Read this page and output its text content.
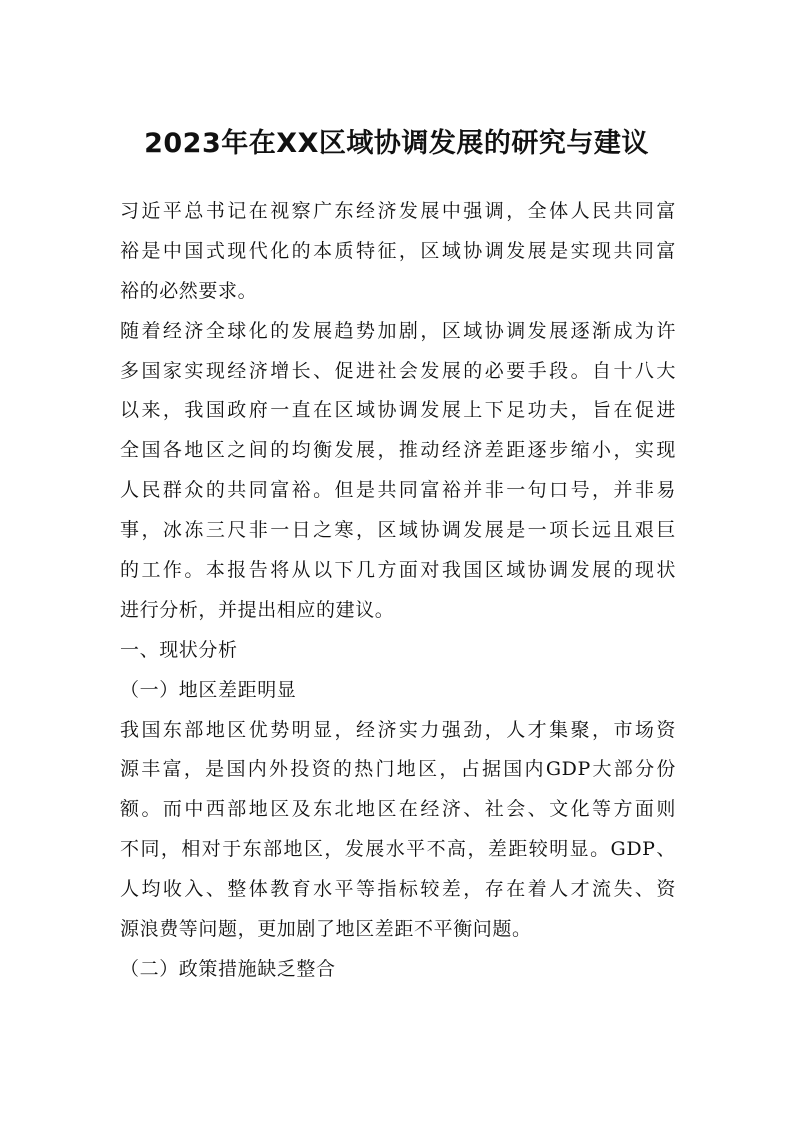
2023年在XX区域协调发展的研究与建议
习近平总书记在视察广东经济发展中强调，全体人民共同富
裕是中国式现代化的本质特征，区域协调发展是实现共同富
裕的必然要求。
随着经济全球化的发展趋势加剧，区域协调发展逐渐成为许
多国家实现经济增长、促进社会发展的必要手段。自十八大
以来，我国政府一直在区域协调发展上下足功夫，旨在促进
全国各地区之间的均衡发展，推动经济差距逐步缩小，实现
人民群众的共同富裕。但是共同富裕并非一句口号，并非易
事，冰冻三尺非一日之寒，区域协调发展是一项长远且艰巨
的工作。本报告将从以下几方面对我国区域协调发展的现状
进行分析，并提出相应的建议。
一、现状分析
（一）地区差距明显
我国东部地区优势明显，经济实力强劲，人才集聚，市场资
源丰富，是国内外投资的热门地区，占据国内GDP大部分份
额。而中西部地区及东北地区在经济、社会、文化等方面则
不同，相对于东部地区，发展水平不高，差距较明显。GDP、
人均收入、整体教育水平等指标较差，存在着人才流失、资
源浪费等问题，更加剧了地区差距不平衡问题。
（二）政策措施缺乏整合
